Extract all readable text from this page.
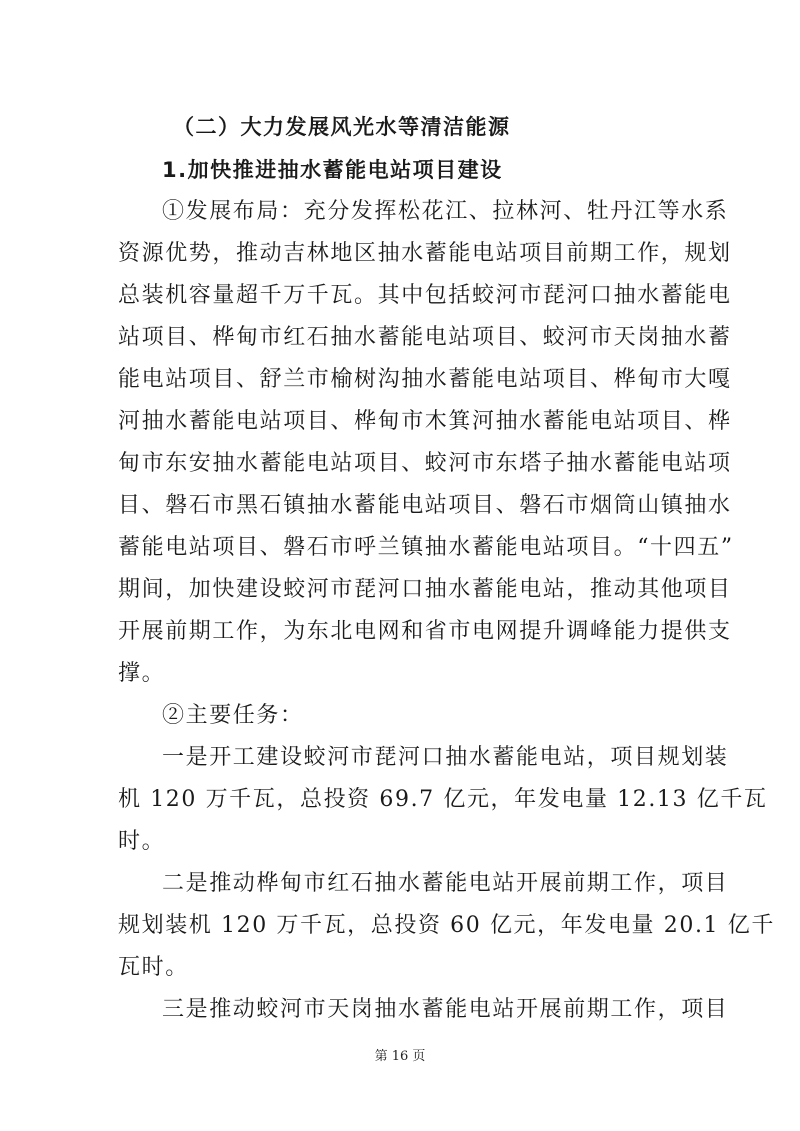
（二）大力发展风光水等清洁能源
1.加快推进抽水蓄能电站项目建设
①发展布局：充分发挥松花江、拉林河、牡丹江等水系
资源优势，推动吉林地区抽水蓄能电站项目前期工作，规划
总装机容量超千万千瓦。其中包括蛟河市琵河口抽水蓄能电
站项目、桦甸市红石抽水蓄能电站项目、蛟河市天岗抽水蓄
能电站项目、舒兰市榆树沟抽水蓄能电站项目、桦甸市大嘎
河抽水蓄能电站项目、桦甸市木箕河抽水蓄能电站项目、桦
甸市东安抽水蓄能电站项目、蛟河市东塔子抽水蓄能电站项
目、磐石市黑石镇抽水蓄能电站项目、磐石市烟筒山镇抽水
蓄能电站项目、磐石市呼兰镇抽水蓄能电站项目。“十四五”
期间，加快建设蛟河市琵河口抽水蓄能电站，推动其他项目
开展前期工作，为东北电网和省市电网提升调峰能力提供支
撑。
②主要任务：
一是开工建设蛟河市琵河口抽水蓄能电站，项目规划装
机 120 万千瓦，总投资 69.7 亿元，年发电量 12.13 亿千瓦
时。
二是推动桦甸市红石抽水蓄能电站开展前期工作，项目
规划装机 120 万千瓦，总投资 60 亿元，年发电量 20.1 亿千
瓦时。
三是推动蛟河市天岗抽水蓄能电站开展前期工作，项目
第 16 页
